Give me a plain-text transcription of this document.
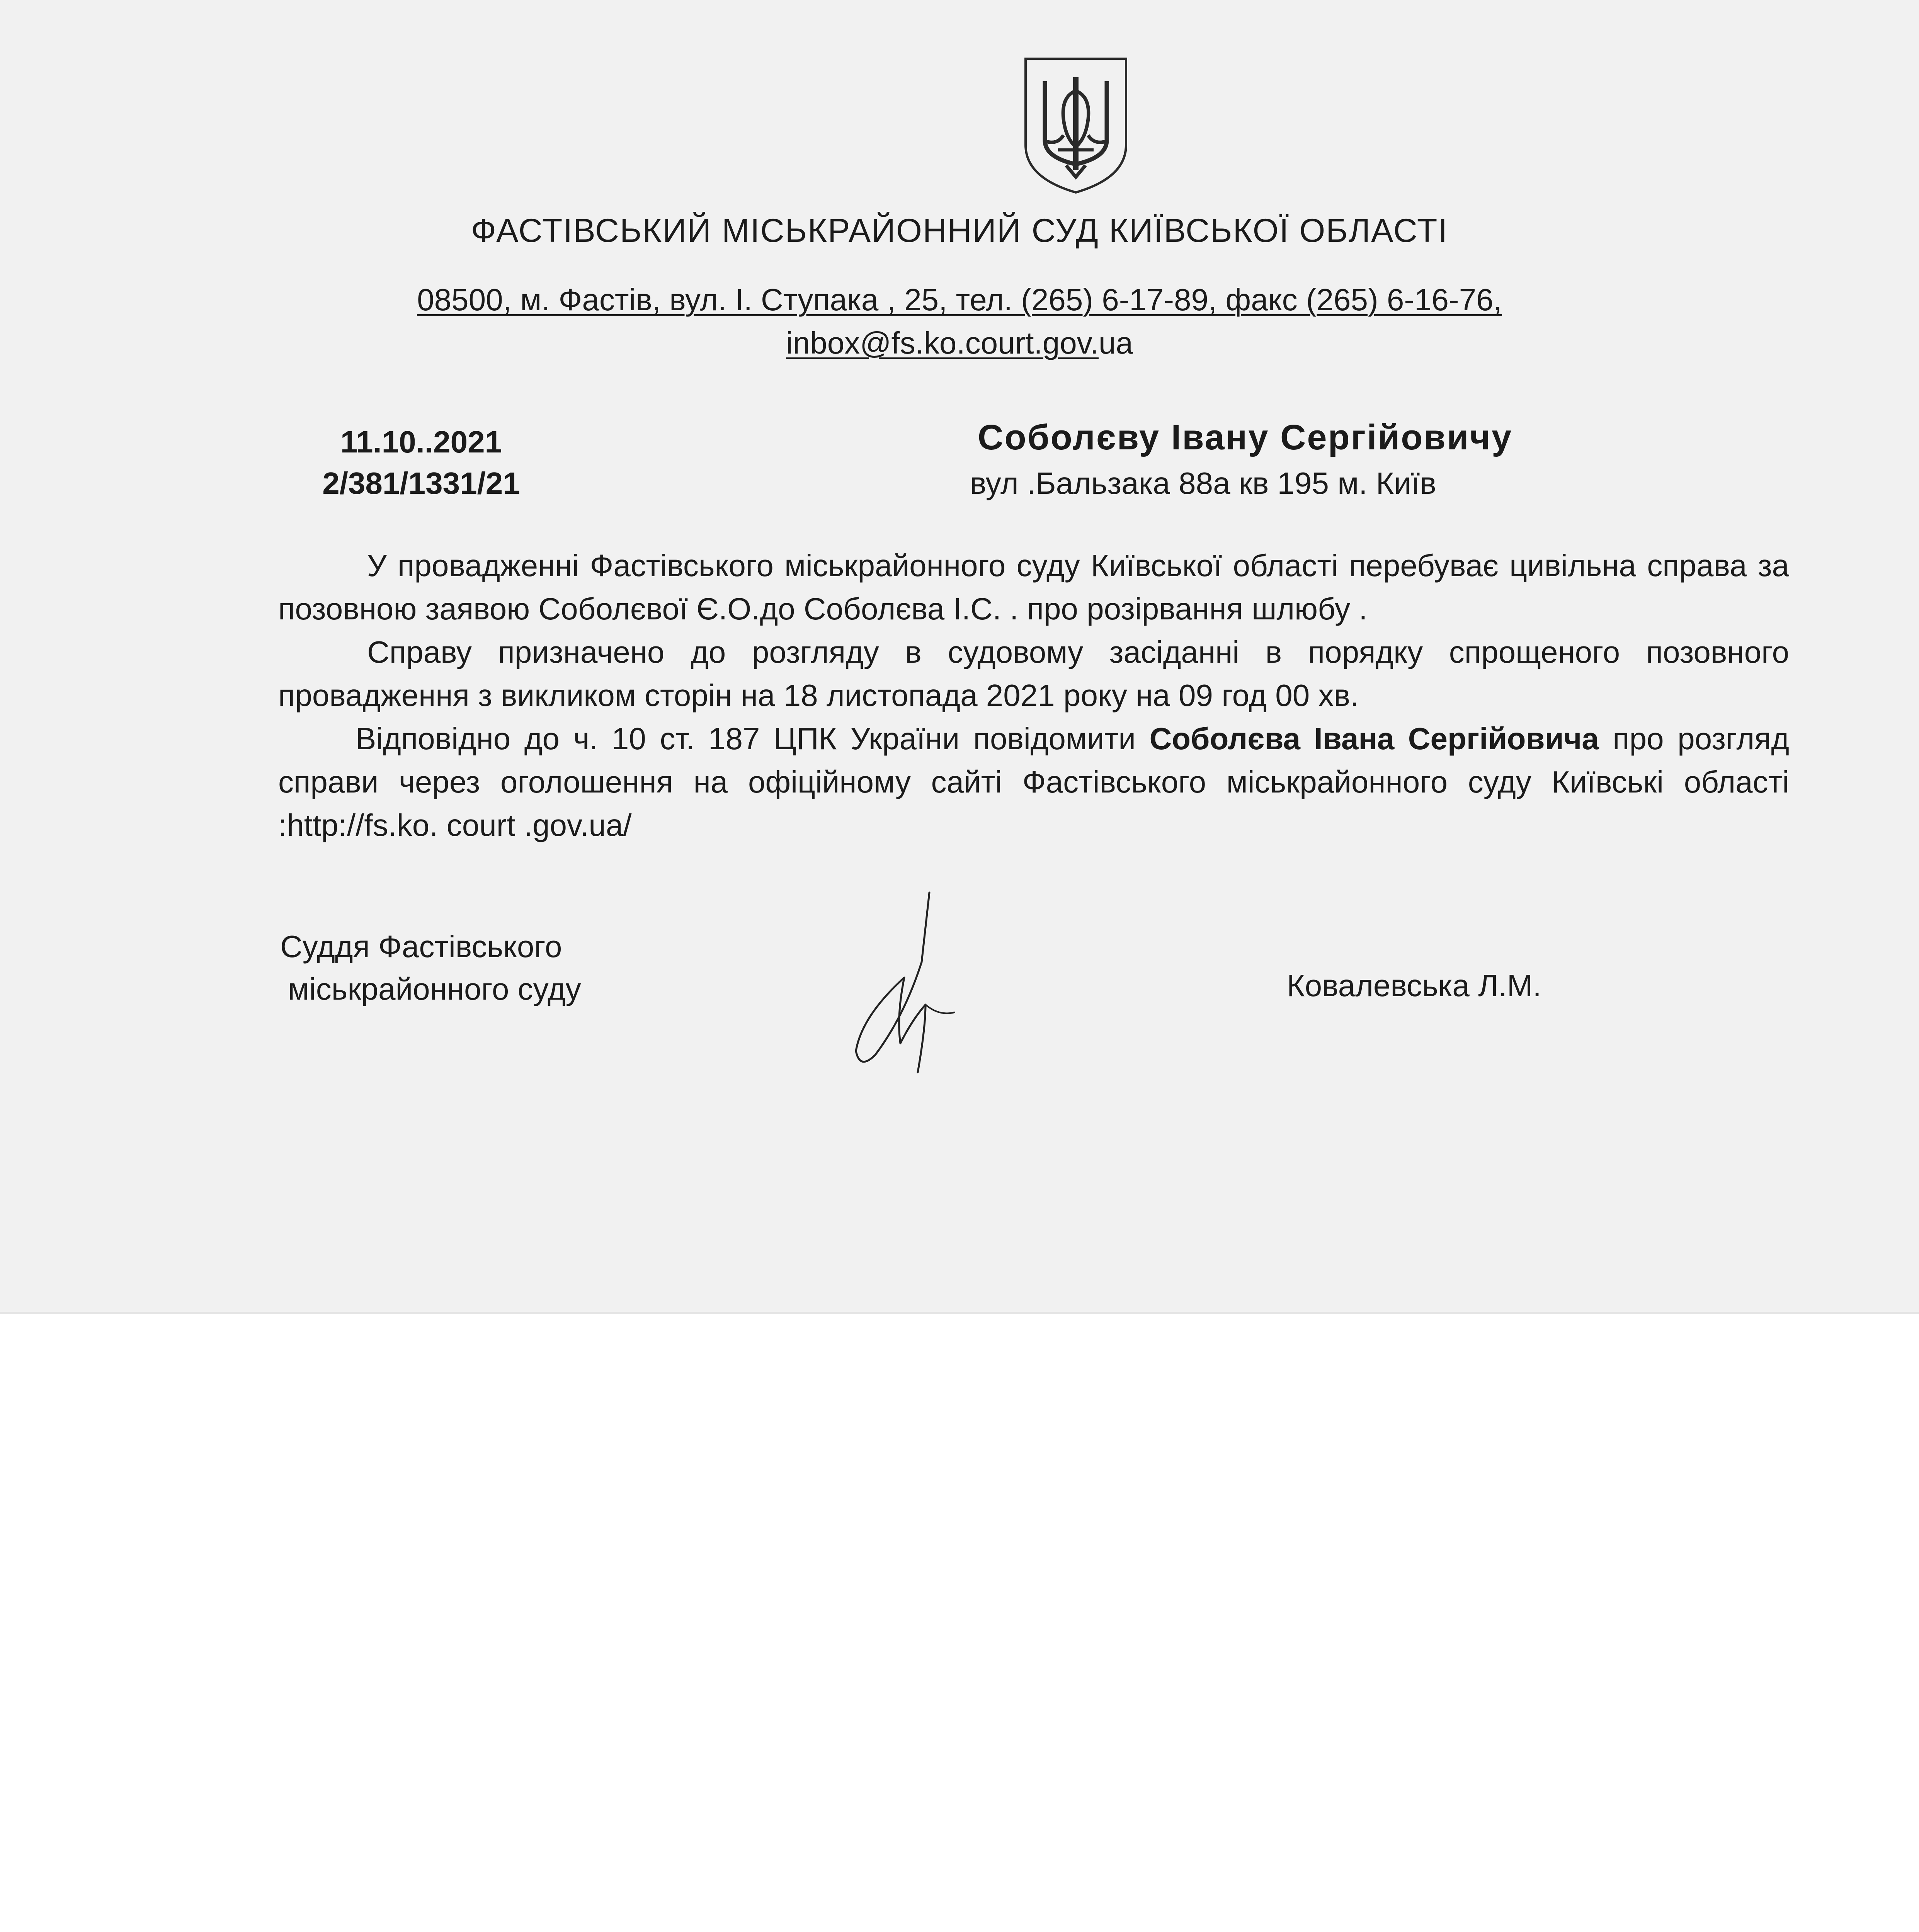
ФАСТІВСЬКИЙ МІСЬКРАЙОННИЙ СУД КИЇВСЬКОЇ ОБЛАСТІ
08500, м. Фастів, вул. І. Ступака , 25, тел. (265) 6-17-89, факс (265) 6-16-76,
inbox@fs.ko.court.gov.ua
11.10..2021
2/381/1331/21
Соболєву Івану Сергійовичу
вул .Бальзака 88а кв 195 м. Київ

У провадженні Фастівського міськрайонного суду Київської області перебуває цивільна справа за позовною заявою Соболєвої Є.О.до Соболєва І.С. . про розірвання шлюбу .

Справу призначено до розгляду в судовому засіданні в порядку спрощеного позовного провадження з викликом сторін на 18 листопада 2021 року на 09 год 00 хв.

Відповідно до ч. 10 ст. 187 ЦПК України повідомити Соболєва Івана Сергійовича про розгляд справи через оголошення на офіційному сайті Фастівського міськрайонного суду Київські області :http://fs.ko. court .gov.ua/

Суддя Фастівського
міськрайонного суду	Ковалевська Л.М.
